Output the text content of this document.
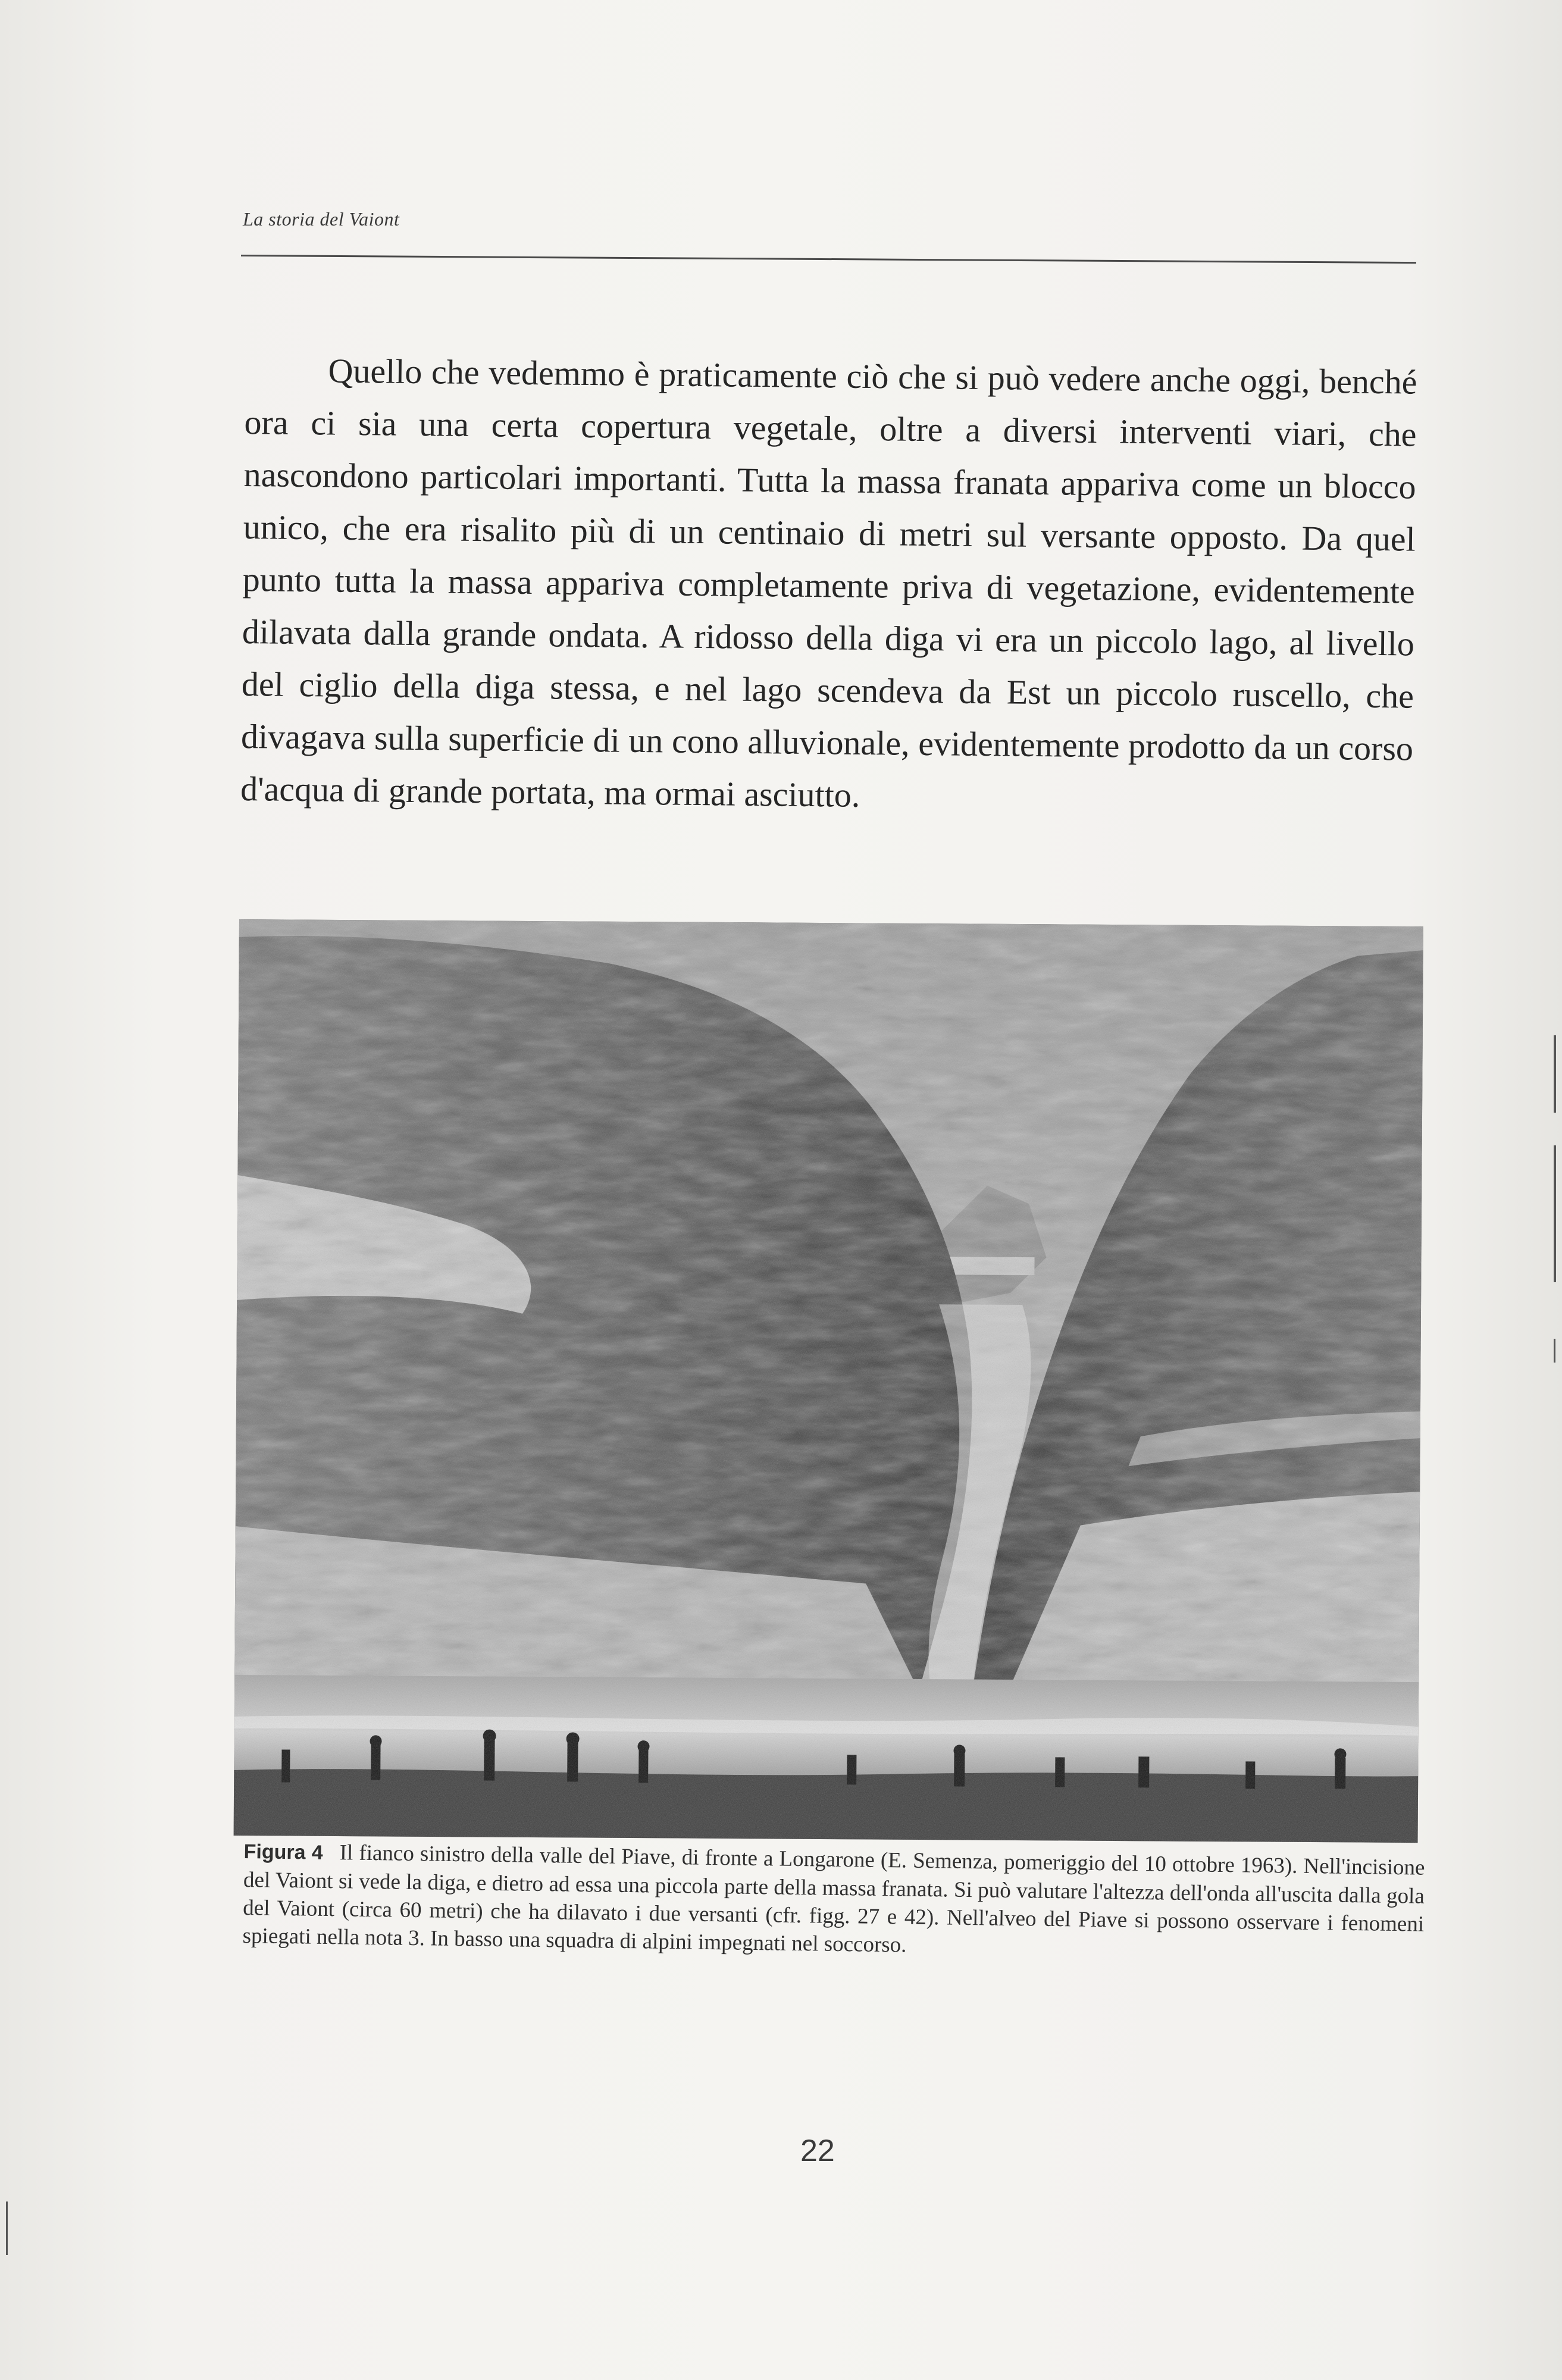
La storia del Vaiont

Quello che vedemmo è praticamente ciò che si può vedere anche oggi, benché ora ci sia una certa copertura vegetale, oltre a diversi interventi viari, che nascondono particolari importanti. Tutta la massa franata appariva come un blocco unico, che era risalito più di un centinaio di metri sul versante opposto. Da quel punto tutta la massa appariva completamente priva di vegetazione, evidentemente dilavata dalla grande ondata. A ridosso della diga vi era un piccolo lago, al livello del ciglio della diga stessa, e nel lago scendeva da Est un piccolo ruscello, che divagava sulla superficie di un cono alluvionale, evidentemente prodotto da un corso d'acqua di grande portata, ma ormai asciutto.

Figura 4 Il fianco sinistro della valle del Piave, di fronte a Longarone (E. Semenza, pomeriggio del 10 ottobre 1963). Nell'incisione del Vaiont si vede la diga, e dietro ad essa una piccola parte della massa franata. Si può valutare l'altezza dell'onda all'uscita dalla gola del Vaiont (circa 60 metri) che ha dilavato i due versanti (cfr. figg. 27 e 42). Nell'alveo del Piave si possono osservare i fenomeni spiegati nella nota 3. In basso una squadra di alpini impegnati nel soccorso.

22
